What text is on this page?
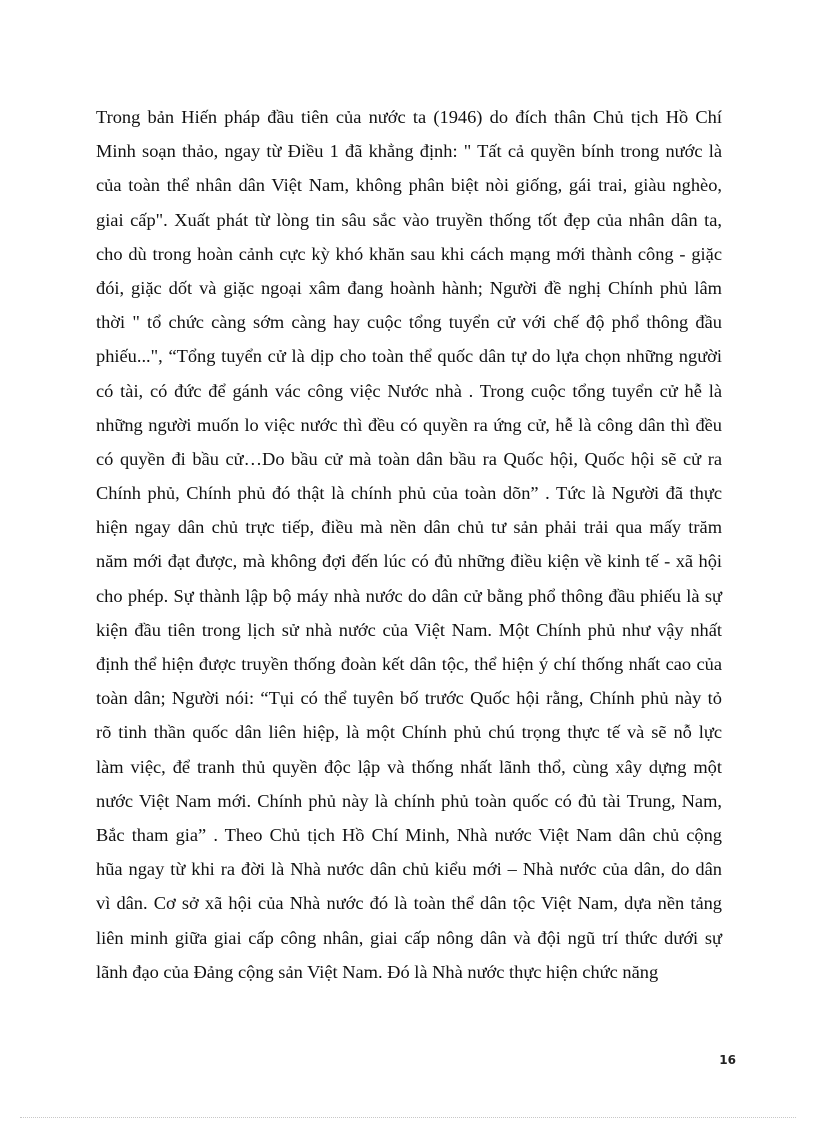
Trong bản Hiến pháp đầu tiên của nước ta (1946) do đích thân Chủ tịch Hồ Chí
Minh soạn thảo, ngay từ Điều 1 đã khẳng định: " Tất cả quyền bính trong nước là
của toàn thể nhân dân Việt Nam, không phân biệt nòi giống, gái trai, giàu nghèo,
giai cấp". Xuất phát từ lòng tin sâu sắc vào truyền thống tốt đẹp của nhân dân ta,
cho dù trong hoàn cảnh cực kỳ khó khăn sau khi cách mạng mới thành công - giặc
đói, giặc dốt và giặc ngoại xâm đang hoành hành; Người đề nghị Chính phủ lâm
thời " tổ chức càng sớm càng hay cuộc tổng tuyển cử với chế độ phổ thông đầu
phiếu...", “Tổng tuyển cử là dịp cho toàn thể quốc dân tự do lựa chọn những người
có tài, có đức để gánh vác công việc Nước nhà . Trong cuộc tổng tuyển cử hễ là
những người muốn lo việc nước thì đều có quyền ra ứng cử, hễ là công dân thì đều
có quyền đi bầu cử…Do bầu cử mà toàn dân bầu ra Quốc hội, Quốc hội sẽ cử ra
Chính phủ, Chính phủ đó thật là chính phủ của toàn dõn” . Tức là Người đã thực
hiện ngay dân chủ trực tiếp, điều mà nền dân chủ tư sản phải trải qua mấy trăm
năm mới đạt được, mà không đợi đến lúc có đủ những điều kiện về kinh tế - xã hội
cho phép. Sự thành lập bộ máy nhà nước do dân cử bằng phổ thông đầu phiếu là sự
kiện đầu tiên trong lịch sử nhà nước của Việt Nam. Một Chính phủ như vậy nhất
định thể hiện được truyền thống đoàn kết dân tộc, thể hiện ý chí thống nhất cao của
toàn dân; Người nói: “Tụi có thể tuyên bố trước Quốc hội rằng, Chính phủ này tỏ
rõ tinh thần quốc dân liên hiệp, là một Chính phủ chú trọng thực tế và sẽ nỗ lực
làm việc, để tranh thủ quyền độc lập và thống nhất lãnh thổ, cùng xây dựng một
nước Việt Nam mới. Chính phủ này là chính phủ toàn quốc có đủ tài Trung, Nam,
Bắc tham gia” . Theo Chủ tịch Hồ Chí Minh, Nhà nước Việt Nam dân chủ cộng
hũa ngay từ khi ra đời là Nhà nước dân chủ kiểu mới – Nhà nước của dân, do dân
vì dân. Cơ sở xã hội của Nhà nước đó là toàn thể dân tộc Việt Nam, dựa nền tảng
liên minh giữa giai cấp công nhân, giai cấp nông dân và đội ngũ trí thức dưới sự
lãnh đạo của Đảng cộng sản Việt Nam. Đó là Nhà nước thực hiện chức năng
16
